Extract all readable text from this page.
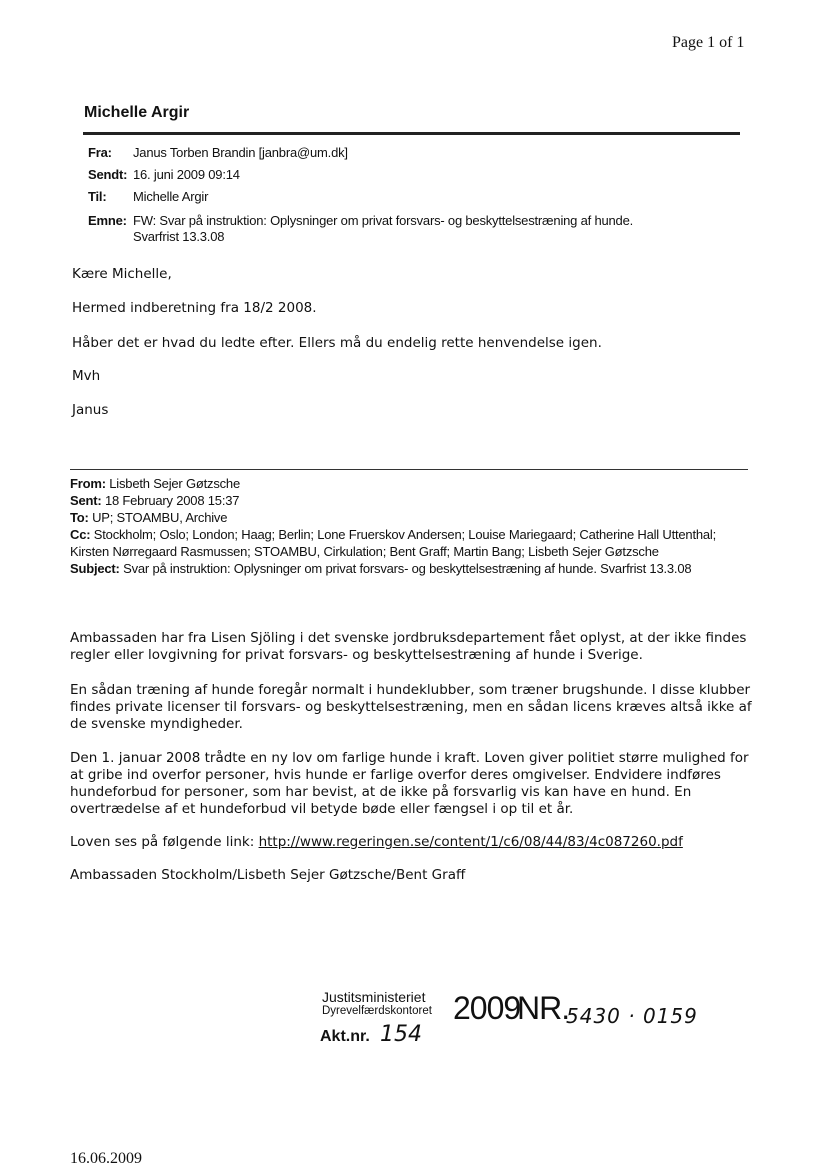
Page 1 of 1
Michelle Argir
Fra: Janus Torben Brandin [janbra@um.dk]
Sendt: 16. juni 2009 09:14
Til: Michelle Argir
Emne: FW: Svar på instruktion: Oplysninger om privat forsvars- og beskyttelsestræning af hunde.
Svarfrist 13.3.08
Kære Michelle,
Hermed indberetning fra 18/2 2008.
Håber det er hvad du ledte efter. Ellers må du endelig rette henvendelse igen.
Mvh
Janus
From: Lisbeth Sejer Gøtzsche
Sent: 18 February 2008 15:37
To: UP; STOAMBU, Archive
Cc: Stockholm; Oslo; London; Haag; Berlin; Lone Fruerskov Andersen; Louise Mariegaard; Catherine Hall Uttenthal; Kirsten Nørregaard Rasmussen; STOAMBU, Cirkulation; Bent Graff; Martin Bang; Lisbeth Sejer Gøtzsche
Subject: Svar på instruktion: Oplysninger om privat forsvars- og beskyttelsestræning af hunde. Svarfrist 13.3.08
Ambassaden har fra Lisen Sjöling i det svenske jordbruksdepartement fået oplyst, at der ikke findes regler eller lovgivning for privat forsvars- og beskyttelsestræning af hunde i Sverige.
En sådan træning af hunde foregår normalt i hundeklubber, som træner brugshunde. I disse klubber findes private licenser til forsvars- og beskyttelsestræning, men en sådan licens kræves altså ikke af de svenske myndigheder.
Den 1. januar 2008 trådte en ny lov om farlige hunde i kraft. Loven giver politiet større mulighed for at gribe ind overfor personer, hvis hunde er farlige overfor deres omgivelser. Endvidere indføres hundeforbud for personer, som har bevist, at de ikke på forsvarlig vis kan have en hund. En overtrædelse af et hundeforbud vil betyde bøde eller fængsel i op til et år.
Loven ses på følgende link: http://www.regeringen.se/content/1/c6/08/44/83/4c087260.pdf
Ambassaden Stockholm/Lisbeth Sejer Gøtzsche/Bent Graff
Justitsministeriet
Dyrevelfærdskontoret 2009
NR.
5430 · 0159
Akt.nr. 154
16.06.2009
